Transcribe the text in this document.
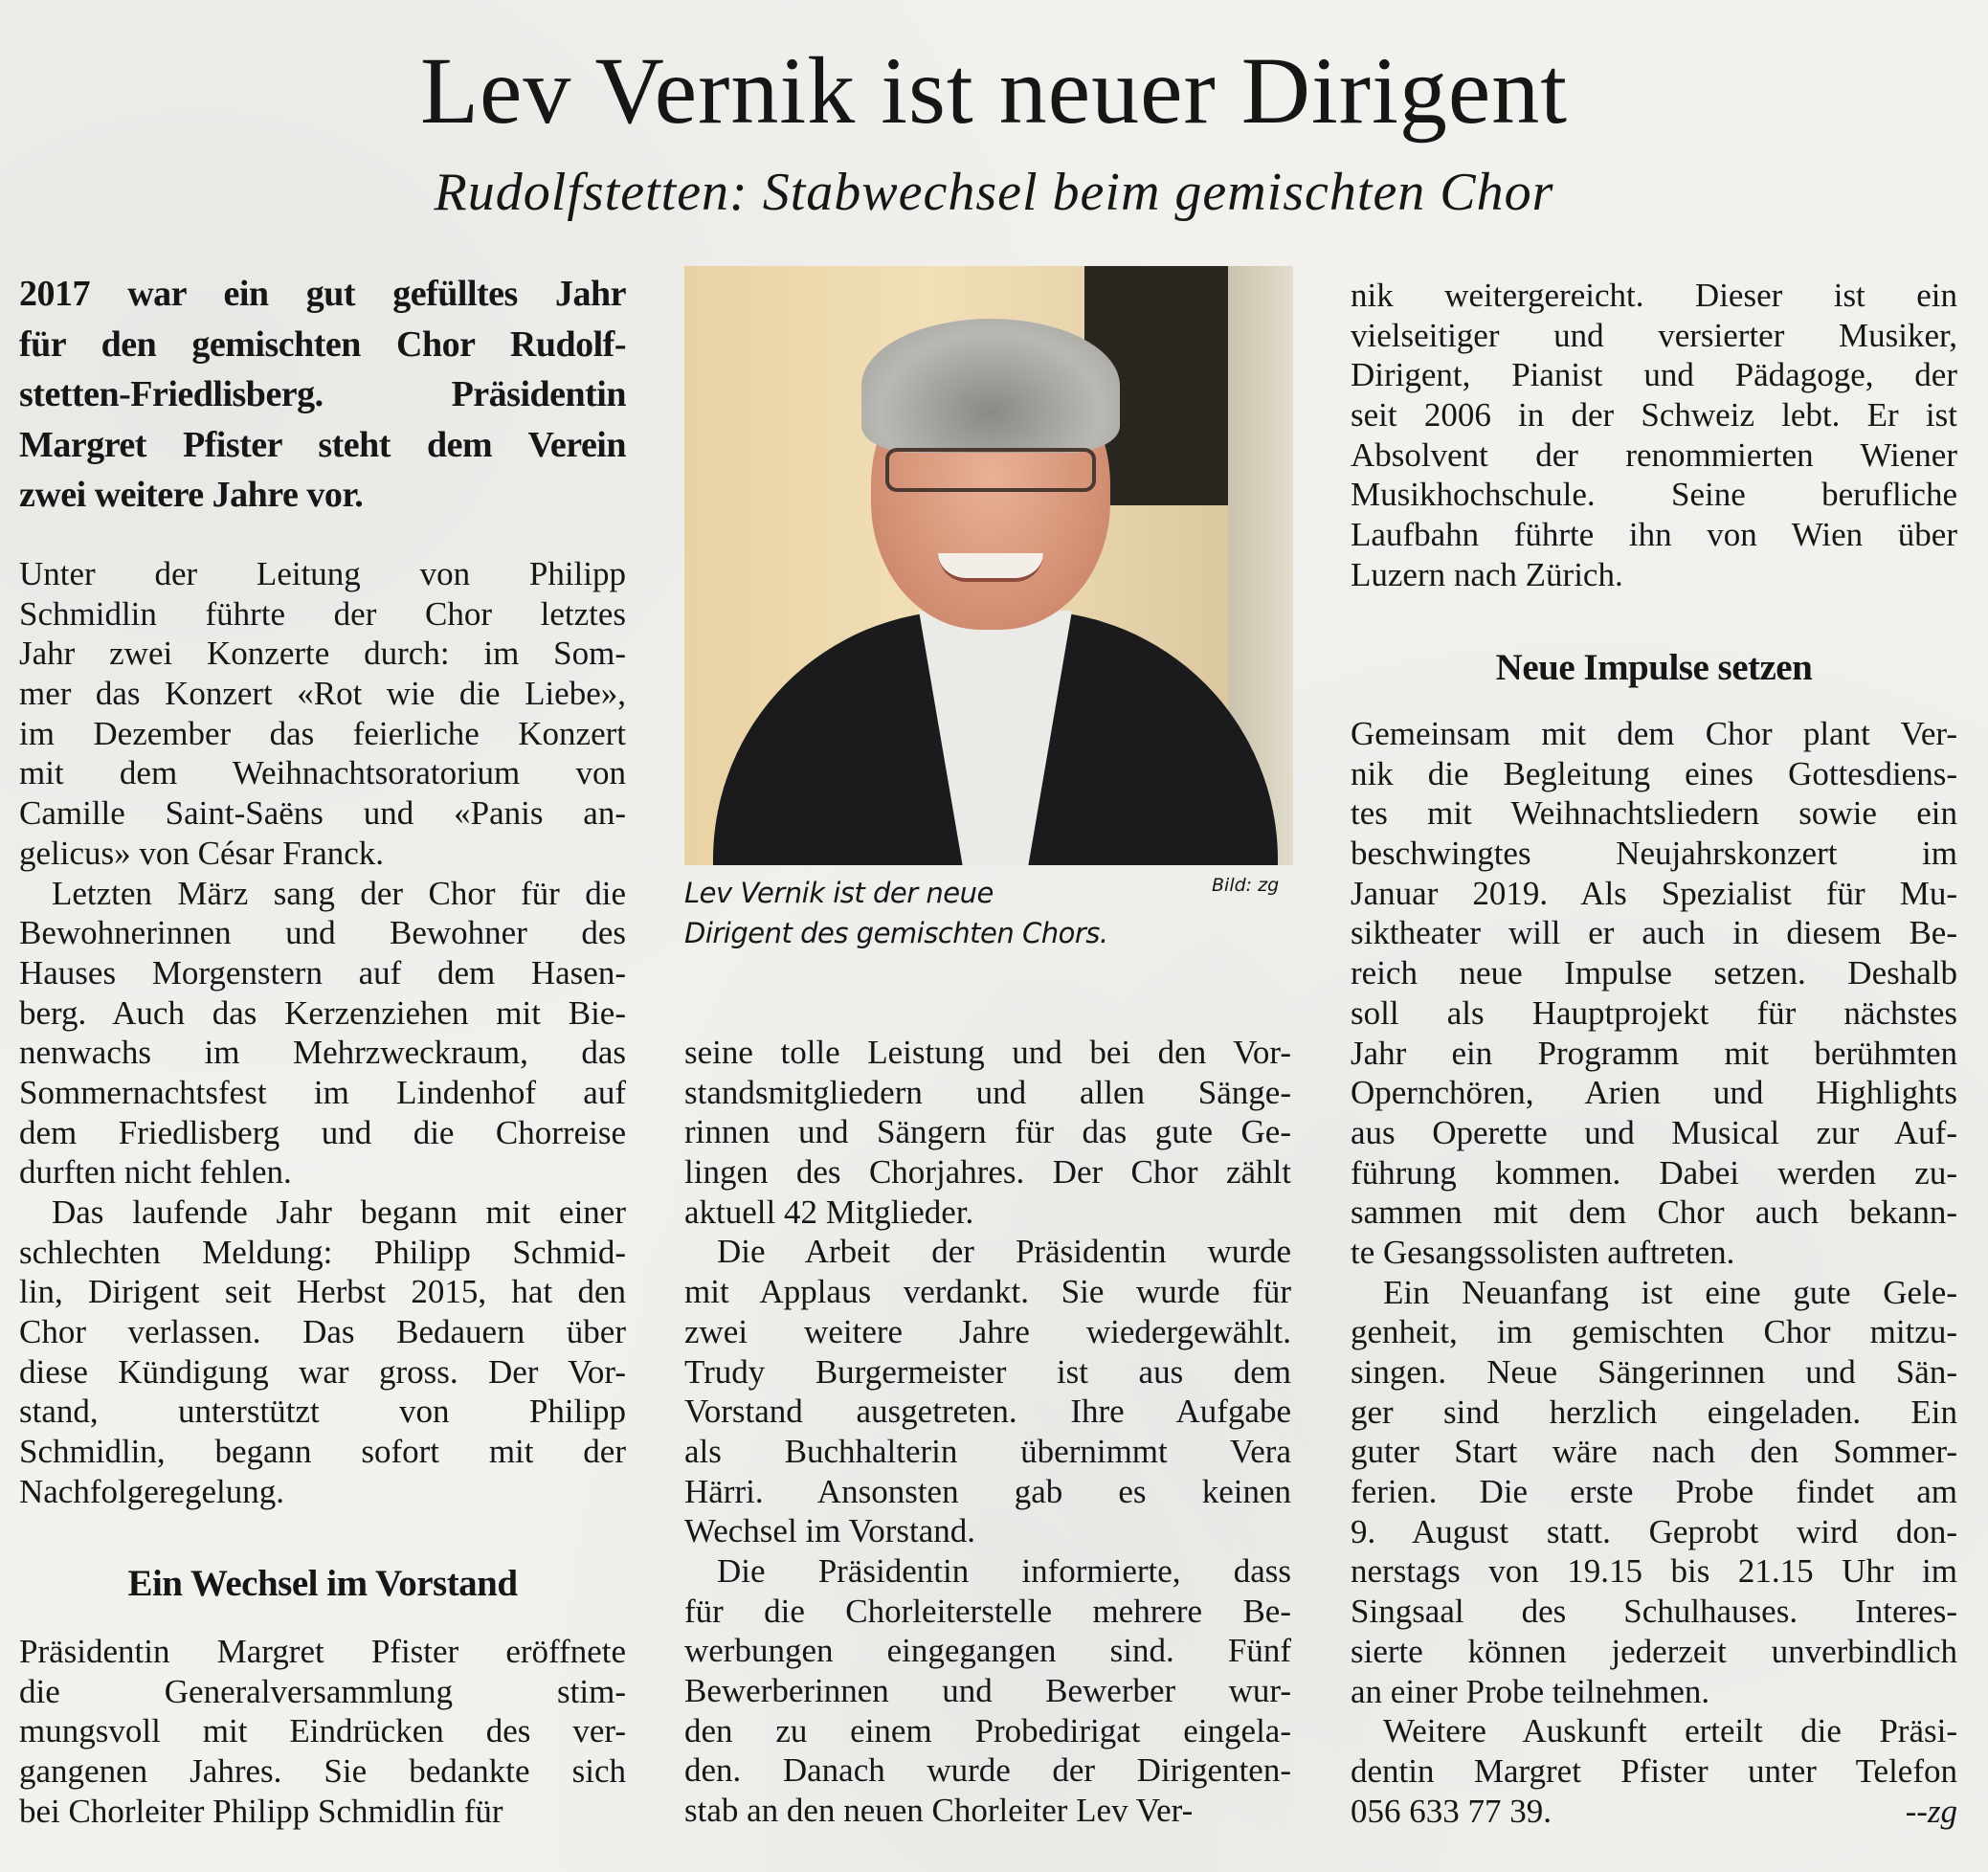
Lev Vernik ist neuer Dirigent
Rudolfstetten: Stabwechsel beim gemischten Chor
2017 war ein gut gefülltes Jahr
für den gemischten Chor Rudolf-
stetten-Friedlisberg. Präsidentin
Margret Pfister steht dem Verein
zwei weitere Jahre vor.
Unter der Leitung von Philipp
Schmidlin führte der Chor letztes
Jahr zwei Konzerte durch: im Som-
mer das Konzert «Rot wie die Liebe»,
im Dezember das feierliche Konzert
mit dem Weihnachtsoratorium von
Camille Saint-Saëns und «Panis an-
gelicus» von César Franck.
Letzten März sang der Chor für die
Bewohnerinnen und Bewohner des
Hauses Morgenstern auf dem Hasen-
berg. Auch das Kerzenziehen mit Bie-
nenwachs im Mehrzweckraum, das
Sommernachtsfest im Lindenhof auf
dem Friedlisberg und die Chorreise
durften nicht fehlen.
Das laufende Jahr begann mit einer
schlechten Meldung: Philipp Schmid-
lin, Dirigent seit Herbst 2015, hat den
Chor verlassen. Das Bedauern über
diese Kündigung war gross. Der Vor-
stand, unterstützt von Philipp
Schmidlin, begann sofort mit der
Nachfolgeregelung.
Ein Wechsel im Vorstand
Präsidentin Margret Pfister eröffnete
die Generalversammlung stim-
mungsvoll mit Eindrücken des ver-
gangenen Jahres. Sie bedankte sich
bei Chorleiter Philipp Schmidlin für
Lev Vernik ist der neue
Dirigent des gemischten Chors.
Bild: zg
seine tolle Leistung und bei den Vor-
standsmitgliedern und allen Sänge-
rinnen und Sängern für das gute Ge-
lingen des Chorjahres. Der Chor zählt
aktuell 42 Mitglieder.
Die Arbeit der Präsidentin wurde
mit Applaus verdankt. Sie wurde für
zwei weitere Jahre wiedergewählt.
Trudy Burgermeister ist aus dem
Vorstand ausgetreten. Ihre Aufgabe
als Buchhalterin übernimmt Vera
Härri. Ansonsten gab es keinen
Wechsel im Vorstand.
Die Präsidentin informierte, dass
für die Chorleiterstelle mehrere Be-
werbungen eingegangen sind. Fünf
Bewerberinnen und Bewerber wur-
den zu einem Probedirigat eingela-
den. Danach wurde der Dirigenten-
stab an den neuen Chorleiter Lev Ver-
nik weitergereicht. Dieser ist ein
vielseitiger und versierter Musiker,
Dirigent, Pianist und Pädagoge, der
seit 2006 in der Schweiz lebt. Er ist
Absolvent der renommierten Wiener
Musikhochschule. Seine berufliche
Laufbahn führte ihn von Wien über
Luzern nach Zürich.
Neue Impulse setzen
Gemeinsam mit dem Chor plant Ver-
nik die Begleitung eines Gottesdiens-
tes mit Weihnachtsliedern sowie ein
beschwingtes Neujahrskonzert im
Januar 2019. Als Spezialist für Mu-
siktheater will er auch in diesem Be-
reich neue Impulse setzen. Deshalb
soll als Hauptprojekt für nächstes
Jahr ein Programm mit berühmten
Opernchören, Arien und Highlights
aus Operette und Musical zur Auf-
führung kommen. Dabei werden zu-
sammen mit dem Chor auch bekann-
te Gesangssolisten auftreten.
Ein Neuanfang ist eine gute Gele-
genheit, im gemischten Chor mitzu-
singen. Neue Sängerinnen und Sän-
ger sind herzlich eingeladen. Ein
guter Start wäre nach den Sommer-
ferien. Die erste Probe findet am
9. August statt. Geprobt wird don-
nerstags von 19.15 bis 21.15 Uhr im
Singsaal des Schulhauses. Interes-
sierte können jederzeit unverbindlich
an einer Probe teilnehmen.
Weitere Auskunft erteilt die Präsi-
dentin Margret Pfister unter Telefon
056 633 77 39.	--zg
